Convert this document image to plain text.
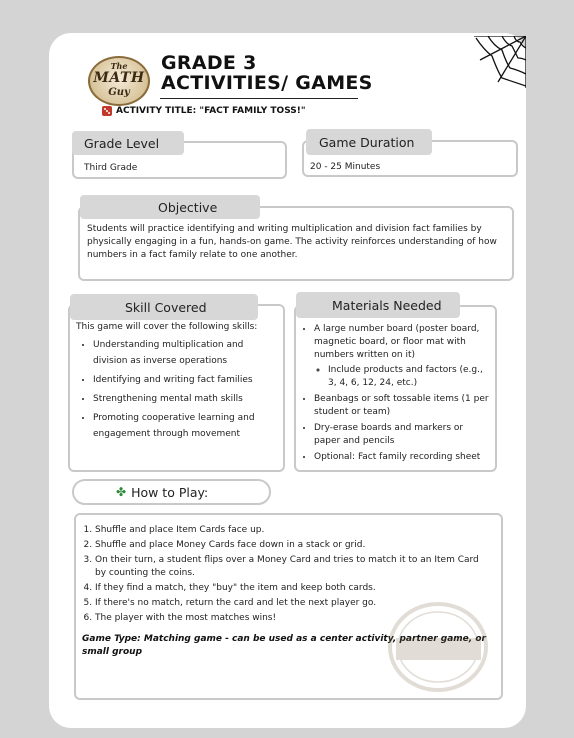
The
MATH
Guy
GRADE 3
ACTIVITIES/ GAMES
ACTIVITY TITLE: "FACT FAMILY TOSS!"
Third Grade
Grade Level
20 - 25 Minutes
Game Duration
Students will practice identifying and writing multiplication and division fact families by physically engaging in a fun, hands-on game. The activity reinforces understanding of how numbers in a fact family relate to one another.
Objective
This game will cover the following skills:
• Understanding multiplication and division as inverse operations
• Identifying and writing fact families
• Strengthening mental math skills
• Promoting cooperative learning and engagement through movement
Skill Covered
• A large number board (poster board, magnetic board, or floor mat with numbers written on it)
◦ Include products and factors (e.g., 3, 4, 6, 12, 24, etc.)
• Beanbags or soft tossable items (1 per student or team)
• Dry-erase boards and markers or paper and pencils
• Optional: Fact family recording sheet
Materials Needed
✤ How to Play:
1. Shuffle and place Item Cards face up.
2. Shuffle and place Money Cards face down in a stack or grid.
3. On their turn, a student flips over a Money Card and tries to match it to an Item Card by counting the coins.
4. If they find a match, they "buy" the item and keep both cards.
5. If there's no match, return the card and let the next player go.
6. The player with the most matches wins!
Game Type: Matching game - can be used as a center activity, partner game, or small group
